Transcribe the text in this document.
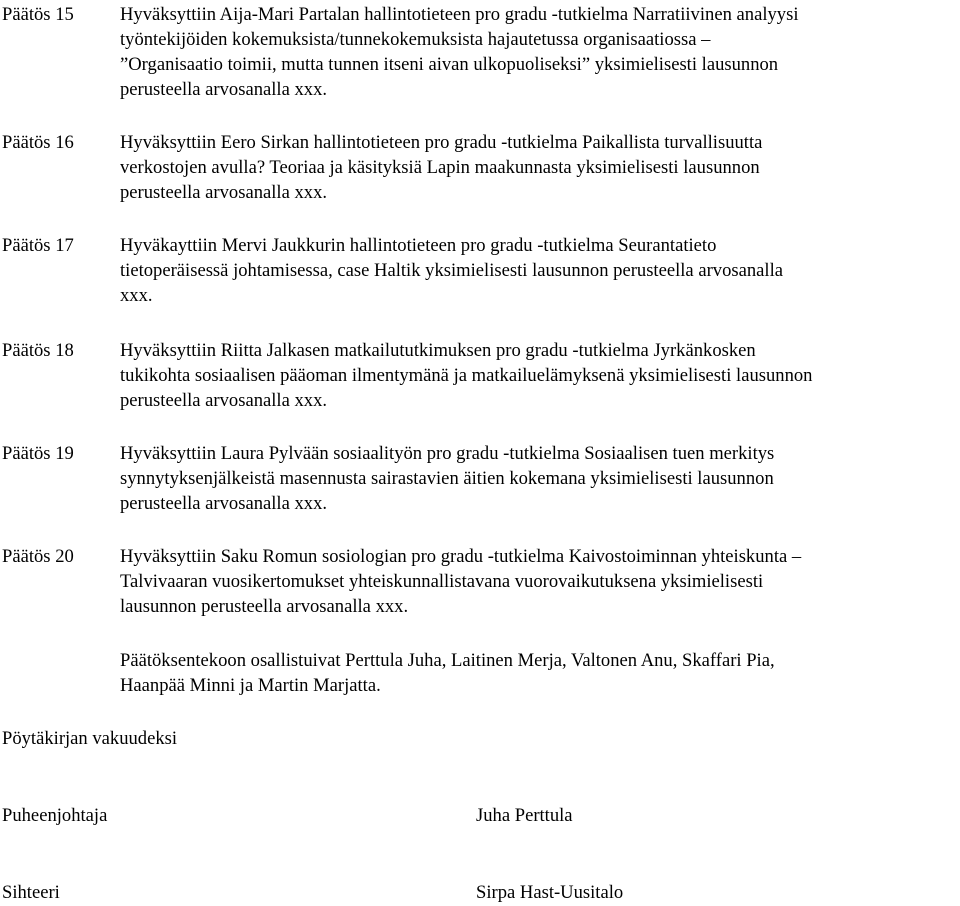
Päätös 15 Hyväksyttiin Aija-Mari Partalan hallintotieteen pro gradu -tutkielma Narratiivinen analyysi
työntekijöiden kokemuksista/tunnekokemuksista hajautetussa organisaatiossa –
”Organisaatio toimii, mutta tunnen itseni aivan ulkopuoliseksi” yksimielisesti lausunnon
perusteella arvosanalla xxx.
Päätös 16 Hyväksyttiin Eero Sirkan hallintotieteen pro gradu -tutkielma Paikallista turvallisuutta
verkostojen avulla? Teoriaa ja käsityksiä Lapin maakunnasta yksimielisesti lausunnon
perusteella arvosanalla xxx.
Päätös 17 Hyväkayttiin Mervi Jaukkurin hallintotieteen pro gradu -tutkielma Seurantatieto
tietoperäisessä johtamisessa, case Haltik yksimielisesti lausunnon perusteella arvosanalla
xxx.
Päätös 18 Hyväksyttiin Riitta Jalkasen matkailututkimuksen pro gradu -tutkielma Jyrkänkosken
tukikohta sosiaalisen pääoman ilmentymänä ja matkailuelämyksenä yksimielisesti lausunnon
perusteella arvosanalla xxx.
Päätös 19 Hyväksyttiin Laura Pylvään sosiaalityön pro gradu -tutkielma Sosiaalisen tuen merkitys
synnytyksenjälkeistä masennusta sairastavien äitien kokemana yksimielisesti lausunnon
perusteella arvosanalla xxx.
Päätös 20 Hyväksyttiin Saku Romun sosiologian pro gradu -tutkielma Kaivostoiminnan yhteiskunta –
Talvivaaran vuosikertomukset yhteiskunnallistavana vuorovaikutuksena yksimielisesti
lausunnon perusteella arvosanalla xxx.
Päätöksentekoon osallistuivat Perttula Juha, Laitinen Merja, Valtonen Anu, Skaffari Pia,
Haanpää Minni ja Martin Marjatta.
Pöytäkirjan vakuudeksi
Puheenjohtaja	Juha Perttula
Sihteeri	Sirpa Hast-Uusitalo
